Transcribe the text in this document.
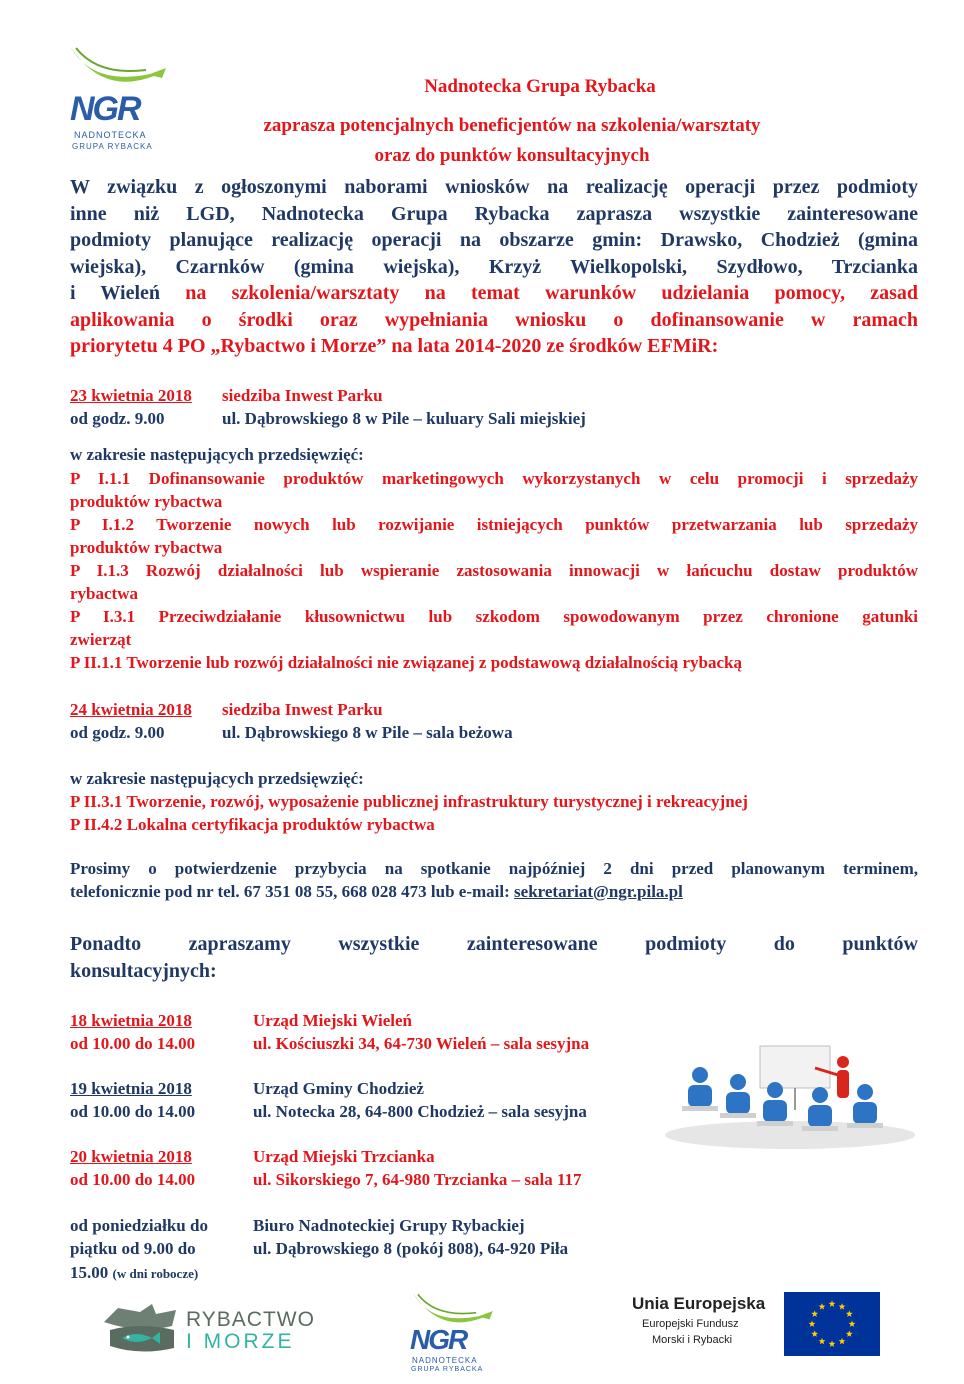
NGR
NADNOTECKA
GRUPA RYBACKA
Nadnotecka Grupa Rybacka
zaprasza potencjalnych beneficjentów na szkolenia/warsztaty
oraz do punktów konsultacyjnych
W związku z ogłoszonymi naborami wniosków na realizację operacji przez podmioty
inne niż LGD, Nadnotecka Grupa Rybacka zaprasza wszystkie zainteresowane
podmioty planujące realizację operacji na obszarze gmin: Drawsko, Chodzież (gmina
wiejska), Czarnków (gmina wiejska), Krzyż Wielkopolski, Szydłowo, Trzcianka
i Wieleń na szkolenia/warsztaty na temat warunków udzielania pomocy, zasad
aplikowania o środki oraz wypełniania wniosku o dofinansowanie w ramach
priorytetu 4 PO „Rybactwo i Morze” na lata 2014-2020 ze środków EFMiR:
23 kwietnia 2018 siedziba Inwest Parku
od godz. 9.00	ul. Dąbrowskiego 8 w Pile – kuluary Sali miejskiej
w zakresie następujących przedsięwzięć:
P I.1.1 Dofinansowanie produktów marketingowych wykorzystanych w celu promocji i sprzedaży
produktów rybactwa
P I.1.2 Tworzenie nowych lub rozwijanie istniejących punktów przetwarzania lub sprzedaży
produktów rybactwa
P I.1.3 Rozwój działalności lub wspieranie zastosowania innowacji w łańcuchu dostaw produktów
rybactwa
P I.3.1 Przeciwdziałanie kłusownictwu lub szkodom spowodowanym przez chronione gatunki
zwierząt
P II.1.1 Tworzenie lub rozwój działalności nie związanej z podstawową działalnością rybacką
24 kwietnia 2018 siedziba Inwest Parku
od godz. 9.00	ul. Dąbrowskiego 8 w Pile – sala beżowa
w zakresie następujących przedsięwzięć:
P II.3.1 Tworzenie, rozwój, wyposażenie publicznej infrastruktury turystycznej i rekreacyjnej
P II.4.2 Lokalna certyfikacja produktów rybactwa
Prosimy o potwierdzenie przybycia na spotkanie najpóźniej 2 dni przed planowanym terminem,
telefonicznie pod nr tel. 67 351 08 55, 668 028 473 lub e-mail: sekretariat@ngr.pila.pl
Ponadto zapraszamy wszystkie zainteresowane podmioty do punktów
konsultacyjnych:
18 kwietnia 2018	Urząd Miejski Wieleń
od 10.00 do 14.00	ul. Kościuszki 34, 64-730 Wieleń – sala sesyjna
19 kwietnia 2018	Urząd Gminy Chodzież
od 10.00 do 14.00	ul. Notecka 28, 64-800 Chodzież – sala sesyjna
20 kwietnia 2018	Urząd Miejski Trzcianka
od 10.00 do 14.00	ul. Sikorskiego 7, 64-980 Trzcianka – sala 117
od poniedziałku do	Biuro Nadnoteckiej Grupy Rybackiej
piątku od 9.00 do	ul. Dąbrowskiego 8 (pokój 808), 64-920 Piła
15.00 (w dni robocze)
RYBACTWO
I MORZE	NGR
NADNOTECKA
GRUPA RYBACKA
Unia Europejska
Europejski Fundusz
Morski i Rybacki
